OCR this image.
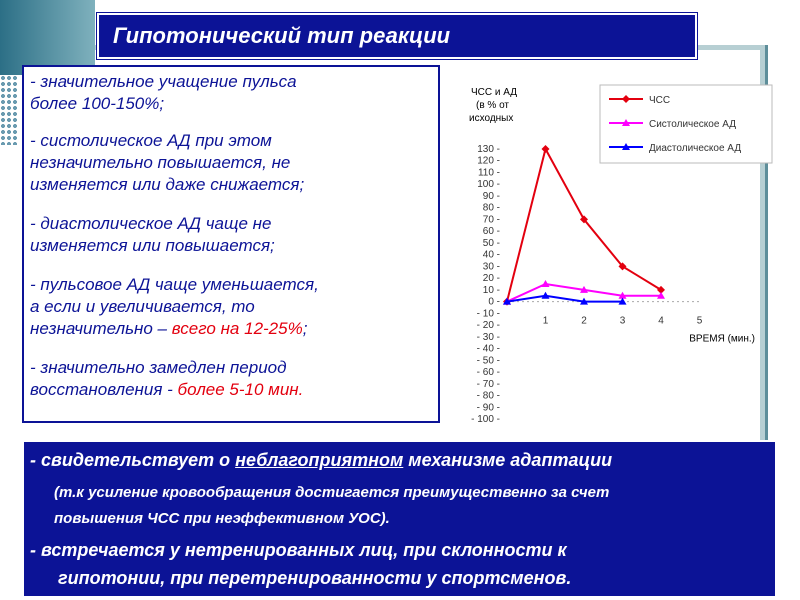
Гипотонический тип реакции
- значительное учащение пульса
более 100-150%;
- систолическое АД при этом
незначительно повышается, не
изменяется или даже снижается;
- диастолическое АД чаще не
изменяется или повышается;
- пульсовое АД чаще уменьшается,
а если и увеличивается, то
незначительно – всего на 12-25%;
- значительно замедлен период
восстановления - более 5-10 мин.
ЧСС и АД (в % от исходных
130 -
120 -
110 -
100 -
90 -
80 -
70 -
60 -
50 -
40 -
30 -
20 -
10 -
0 -
- 10 -
- 20 -
- 30 -
- 40 -
- 50 -
- 60 -
- 70 -
- 80 -
- 90 -
- 100 -
1	2	3	4	5
ВРЕМЯ (мин.)
ЧСС
Систолическое АД
Диастолическое АД
- свидетельствует о неблагоприятном механизме адаптации
(т.к усиление кровообращения достигается преимущественно за счет
повышения ЧСС при неэффективном УОС).
- встречается у нетренированных лиц, при склонности к
гипотонии, при перетренированности у спортсменов.
